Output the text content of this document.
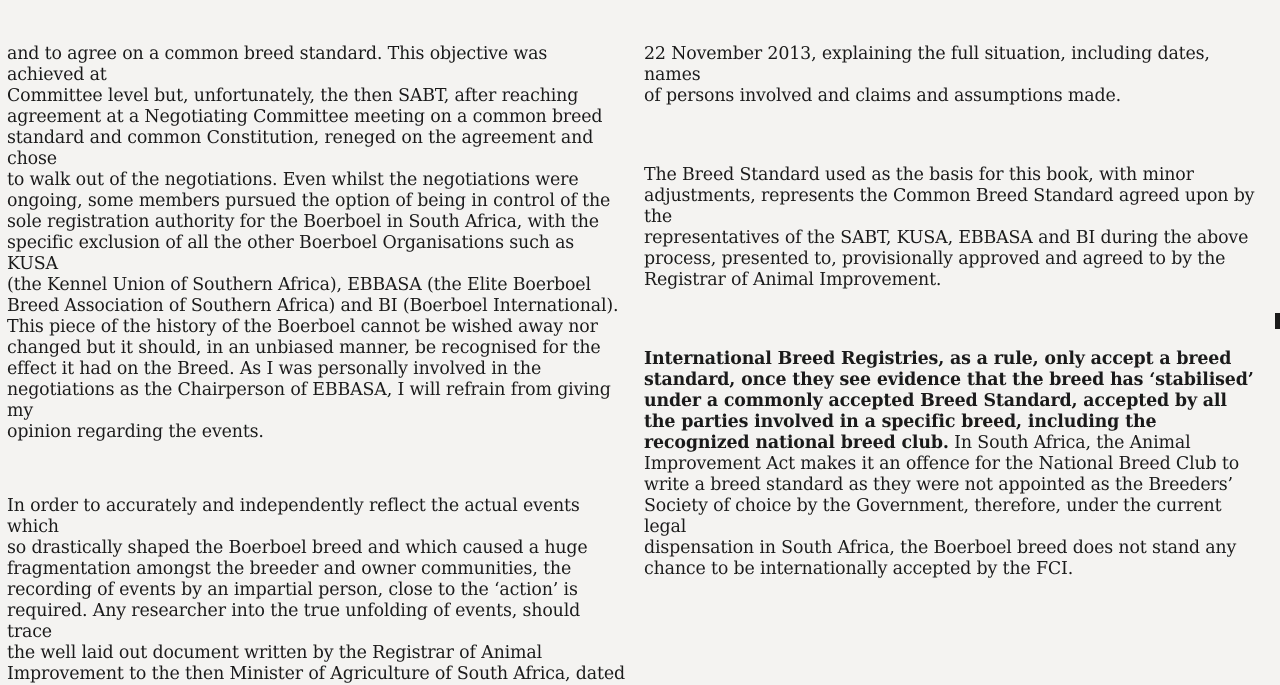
and to agree on a common breed standard. This objective was achieved at
Committee level but, unfortunately, the then SABT, after reaching
agreement at a Negotiating Committee meeting on a common breed
standard and common Constitution, reneged on the agreement and chose
to walk out of the negotiations. Even whilst the negotiations were
ongoing, some members pursued the option of being in control of the
sole registration authority for the Boerboel in South Africa, with the
specific exclusion of all the other Boerboel Organisations such as KUSA
(the Kennel Union of Southern Africa), EBBASA (the Elite Boerboel
Breed Association of Southern Africa) and BI (Boerboel International).
This piece of the history of the Boerboel cannot be wished away nor
changed but it should, in an unbiased manner, be recognised for the
effect it had on the Breed. As I was personally involved in the
negotiations as the Chairperson of EBBASA, I will refrain from giving my
opinion regarding the events.

In order to accurately and independently reflect the actual events which
so drastically shaped the Boerboel breed and which caused a huge
fragmentation amongst the breeder and owner communities, the
recording of events by an impartial person, close to the ‘action’ is
required. Any researcher into the true unfolding of events, should trace
the well laid out document written by the Registrar of Animal
Improvement to the then Minister of Agriculture of South Africa, dated

22 November 2013, explaining the full situation, including dates, names
of persons involved and claims and assumptions made.

The Breed Standard used as the basis for this book, with minor
adjustments, represents the Common Breed Standard agreed upon by the
representatives of the SABT, KUSA, EBBASA and BI during the above
process, presented to, provisionally approved and agreed to by the
Registrar of Animal Improvement.

International Breed Registries, as a rule, only accept a breed
standard, once they see evidence that the breed has ‘stabilised’
under a commonly accepted Breed Standard, accepted by all
the parties involved in a specific breed, including the
recognized national breed club. In South Africa, the Animal
Improvement Act makes it an offence for the National Breed Club to
write a breed standard as they were not appointed as the Breeders’
Society of choice by the Government, therefore, under the current legal
dispensation in South Africa, the Boerboel breed does not stand any
chance to be internationally accepted by the FCI.
